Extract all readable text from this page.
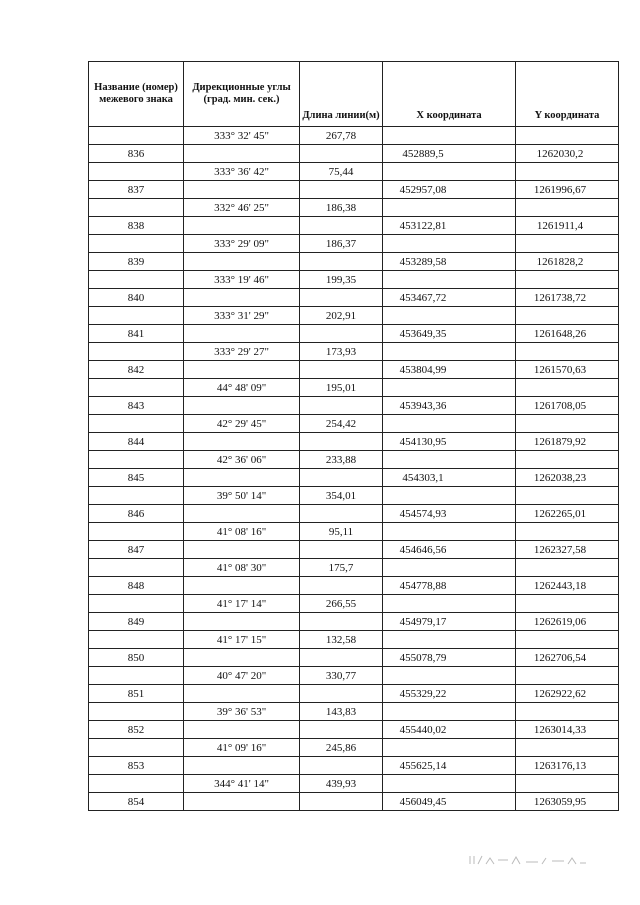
Название (номер) межевого знака	Дирекционные углы (град. мин. сек.)	Длина линии(м)	Х координата	Y координата
	333° 32' 45"	267,78		
836			452889,5	1262030,2
	333° 36' 42"	75,44		
837			452957,08	1261996,67
	332° 46' 25"	186,38		
838			453122,81	1261911,4
	333° 29' 09"	186,37		
839			453289,58	1261828,2
	333° 19' 46"	199,35		
840			453467,72	1261738,72
	333° 31' 29"	202,91		
841			453649,35	1261648,26
	333° 29' 27"	173,93		
842			453804,99	1261570,63
	44° 48' 09"	195,01		
843			453943,36	1261708,05
	42° 29' 45"	254,42		
844			454130,95	1261879,92
	42° 36' 06"	233,88		
845			454303,1	1262038,23
	39° 50' 14"	354,01		
846			454574,93	1262265,01
	41° 08' 16"	95,11		
847			454646,56	1262327,58
	41° 08' 30"	175,7		
848			454778,88	1262443,18
	41° 17' 14"	266,55		
849			454979,17	1262619,06
	41° 17' 15"	132,58		
850			455078,79	1262706,54
	40° 47' 20"	330,77		
851			455329,22	1262922,62
	39° 36' 53"	143,83		
852			455440,02	1263014,33
	41° 09' 16"	245,86		
853			455625,14	1263176,13
	344° 41' 14"	439,93		
854			456049,45	1263059,95
